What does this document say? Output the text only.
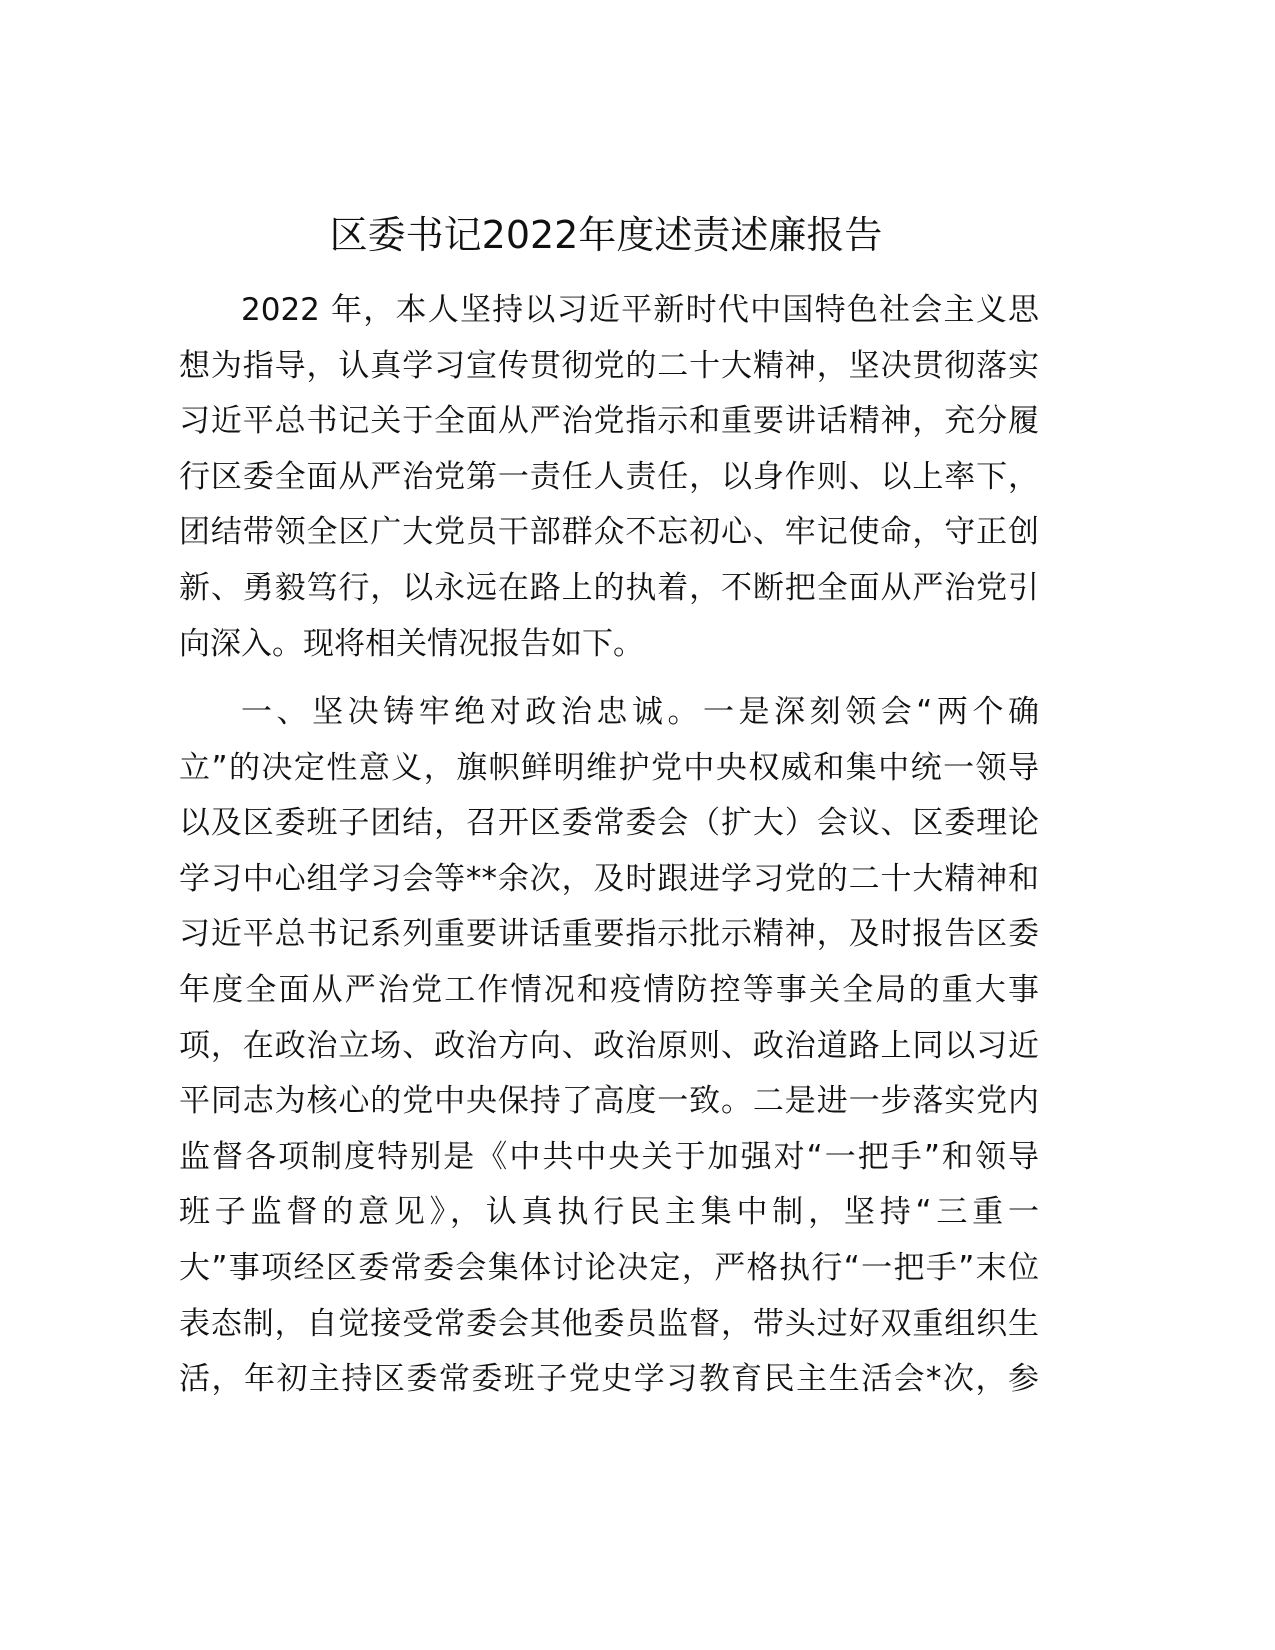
区委书记2022年度述责述廉报告
2022 年，本人坚持以习近平新时代中国特色社会主义思
想为指导，认真学习宣传贯彻党的二十大精神，坚决贯彻落实
习近平总书记关于全面从严治党指示和重要讲话精神，充分履
行区委全面从严治党第一责任人责任，以身作则、以上率下，
团结带领全区广大党员干部群众不忘初心、牢记使命，守正创
新、勇毅笃行，以永远在路上的执着，不断把全面从严治党引
向深入。现将相关情况报告如下。
一、坚决铸牢绝对政治忠诚。一是深刻领会“两个确
立”的决定性意义，旗帜鲜明维护党中央权威和集中统一领导
以及区委班子团结，召开区委常委会（扩大）会议、区委理论
学习中心组学习会等**余次，及时跟进学习党的二十大精神和
习近平总书记系列重要讲话重要指示批示精神，及时报告区委
年度全面从严治党工作情况和疫情防控等事关全局的重大事
项，在政治立场、政治方向、政治原则、政治道路上同以习近
平同志为核心的党中央保持了高度一致。二是进一步落实党内
监督各项制度特别是《中共中央关于加强对“一把手”和领导
班子监督的意见》，认真执行民主集中制，坚持“三重一
大”事项经区委常委会集体讨论决定，严格执行“一把手”末位
表态制，自觉接受常委会其他委员监督，带头过好双重组织生
活，年初主持区委常委班子党史学习教育民主生活会*次，参
